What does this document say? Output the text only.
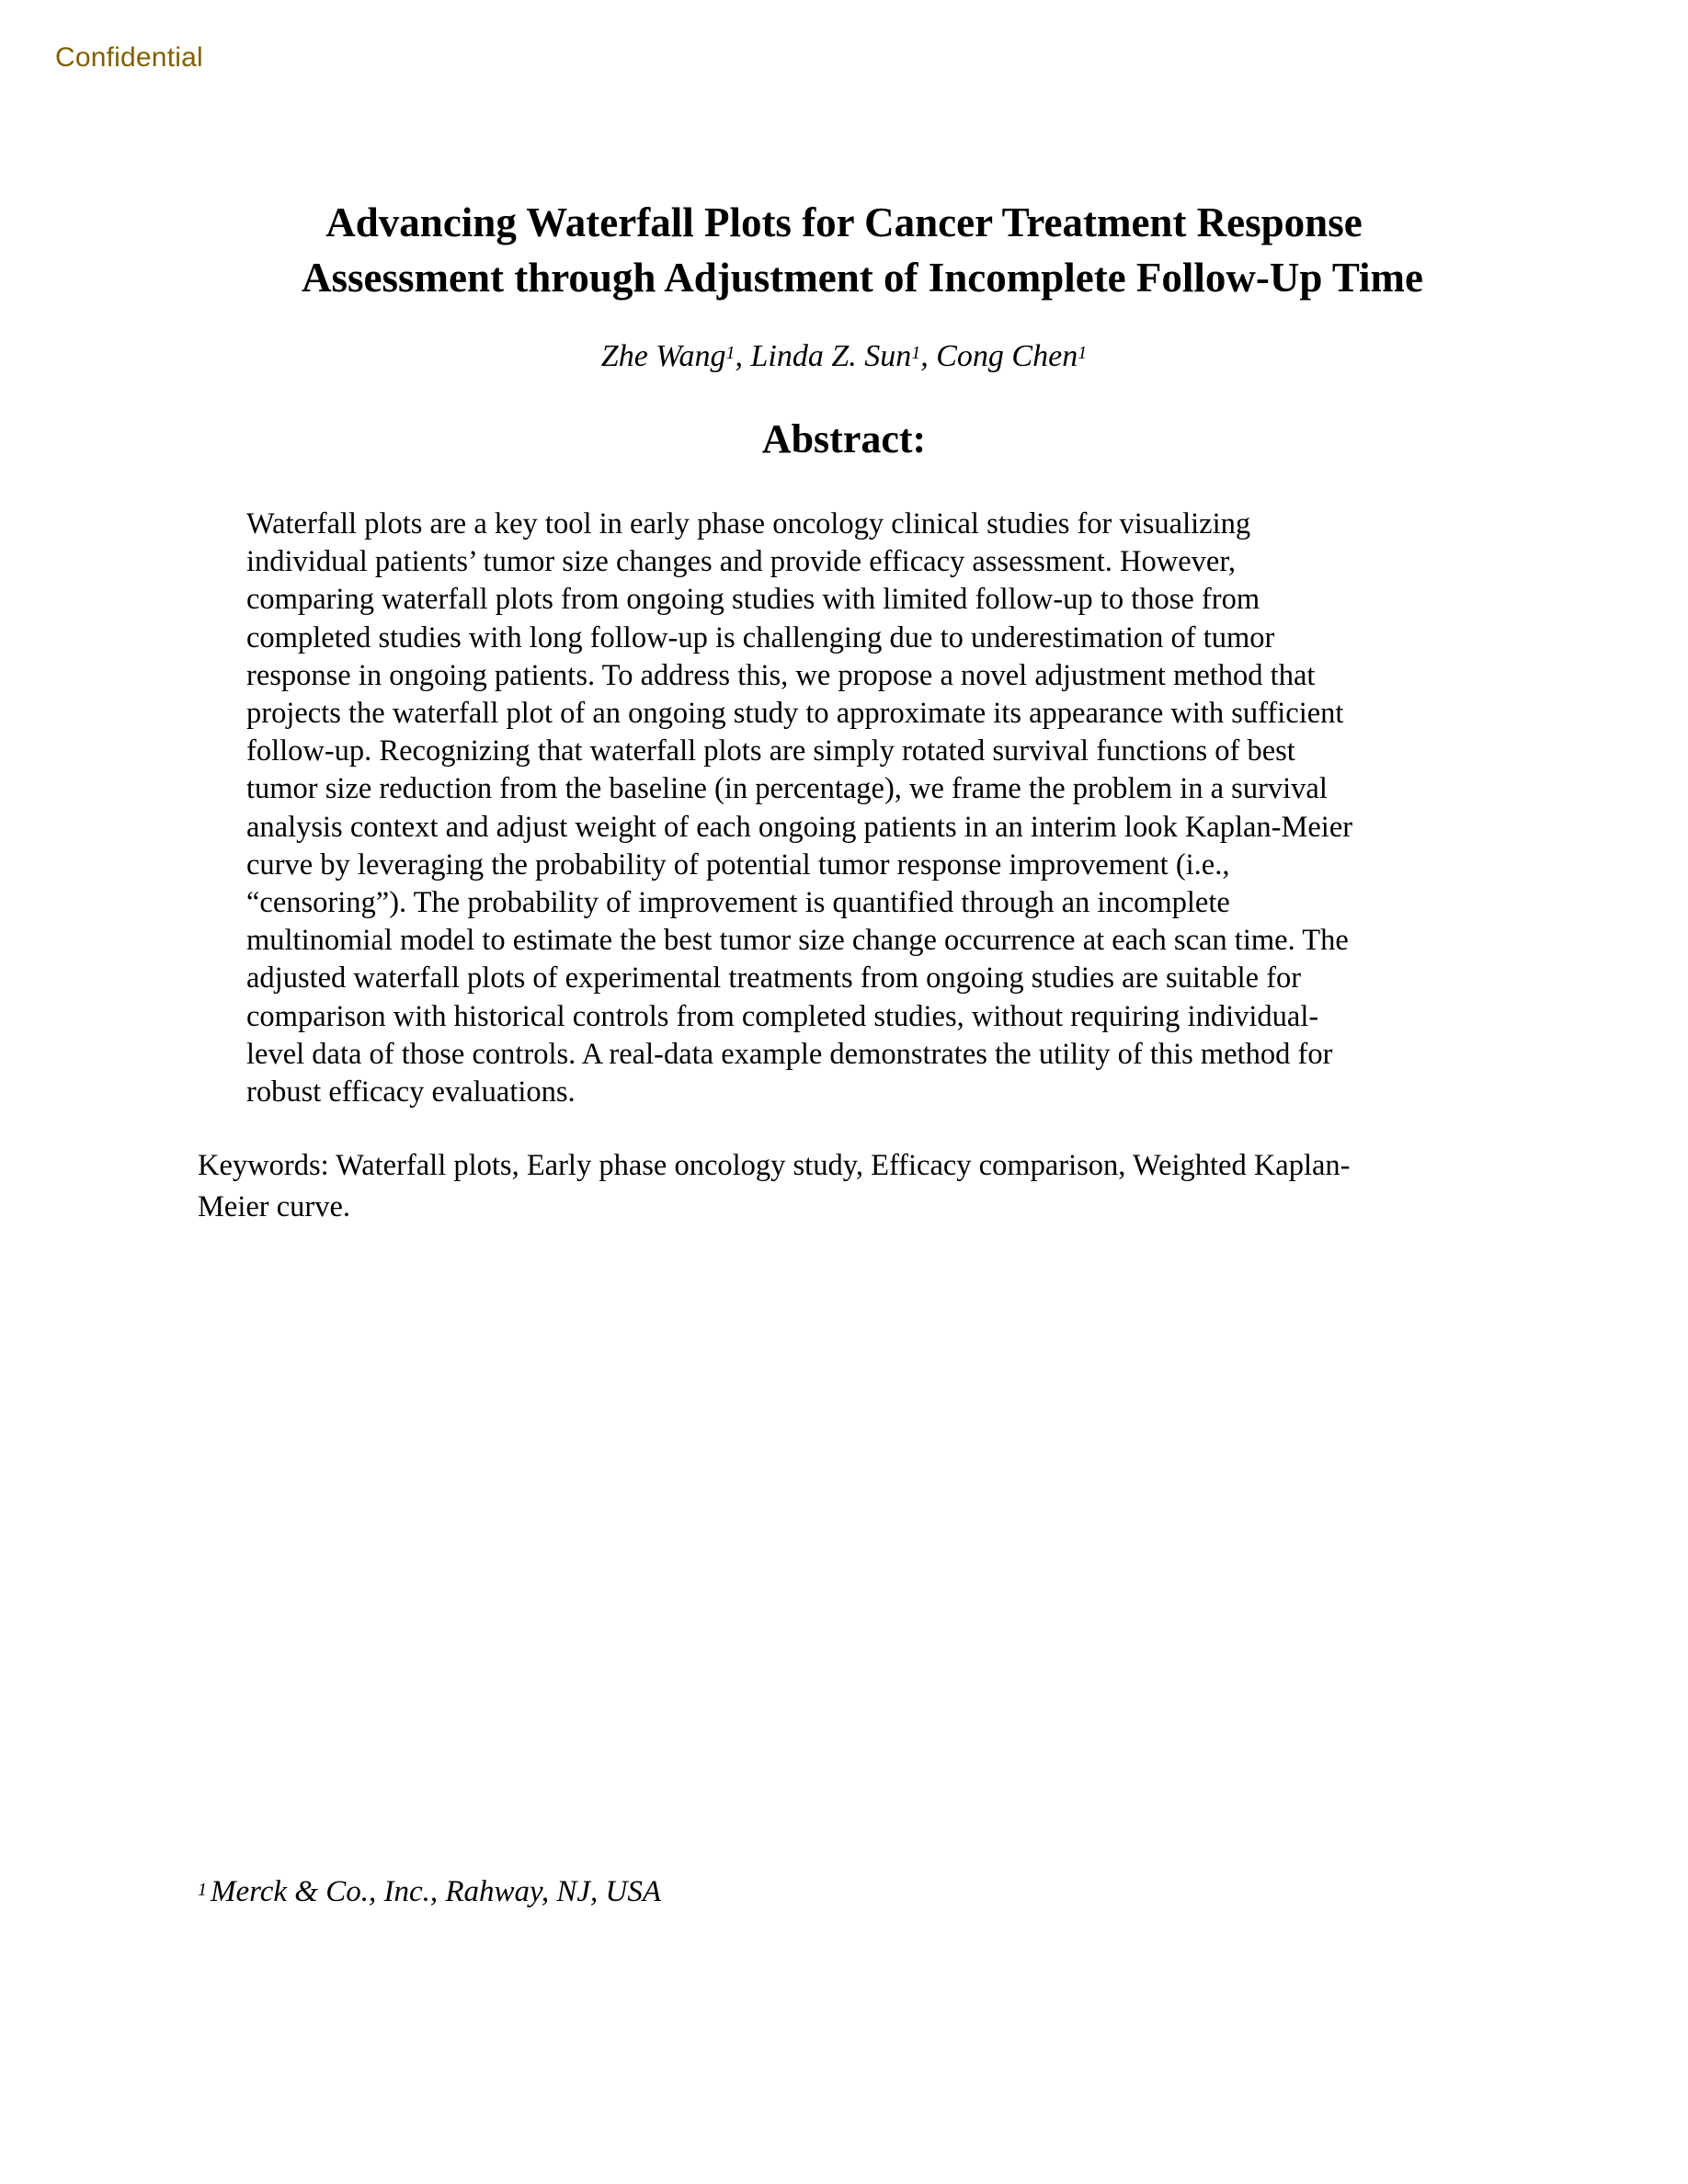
Confidential
Advancing Waterfall Plots for Cancer Treatment Response
Assessment through Adjustment of Incomplete Follow-Up Time
Zhe Wang$^1$, Linda Z. Sun$^1$, Cong Chen$^1$
Abstract:
Waterfall plots are a key tool in early phase oncology clinical studies for visualizing
individual patients’ tumor size changes and provide efficacy assessment. However,
comparing waterfall plots from ongoing studies with limited follow-up to those from
completed studies with long follow-up is challenging due to underestimation of tumor
response in ongoing patients. To address this, we propose a novel adjustment method that
projects the waterfall plot of an ongoing study to approximate its appearance with sufficient
follow-up. Recognizing that waterfall plots are simply rotated survival functions of best
tumor size reduction from the baseline (in percentage), we frame the problem in a survival
analysis context and adjust weight of each ongoing patients in an interim look Kaplan-Meier
curve by leveraging the probability of potential tumor response improvement (i.e.,
“censoring”). The probability of improvement is quantified through an incomplete
multinomial model to estimate the best tumor size change occurrence at each scan time. The
adjusted waterfall plots of experimental treatments from ongoing studies are suitable for
comparison with historical controls from completed studies, without requiring individual-
level data of those controls. A real-data example demonstrates the utility of this method for
robust efficacy evaluations.
Keywords: Waterfall plots, Early phase oncology study, Efficacy comparison, Weighted Kaplan-
Meier curve.
$^1$ Merck & Co., Inc., Rahway, NJ, USA
